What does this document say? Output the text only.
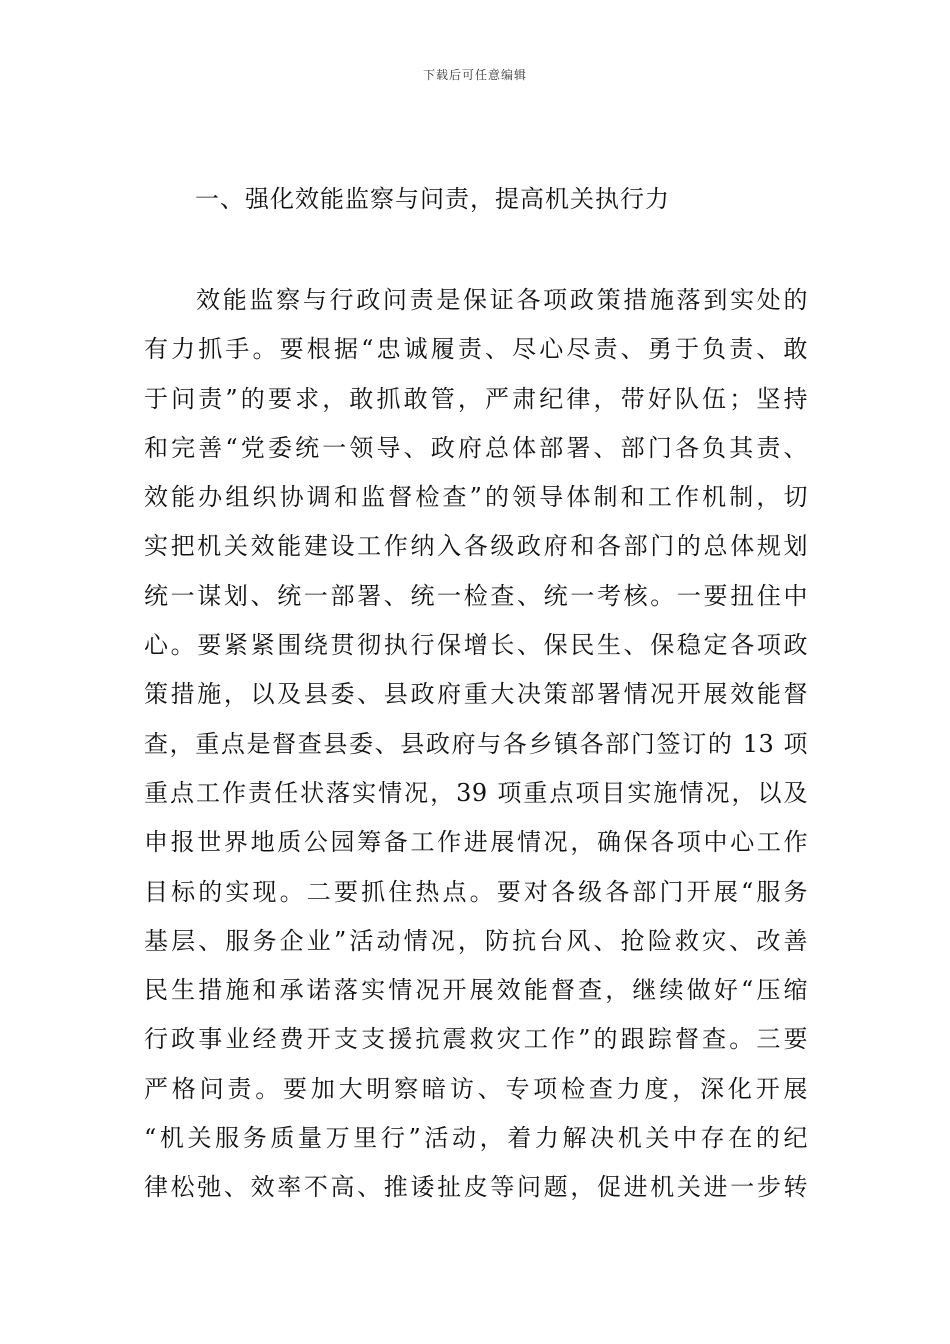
下载后可任意编辑
一、强化效能监察与问责，提高机关执行力
效能监察与行政问责是保证各项政策措施落到实处的
有力抓手。要根据“忠诚履责、尽心尽责、勇于负责、敢
于问责”的要求，敢抓敢管，严肃纪律，带好队伍；坚持
和完善“党委统一领导、政府总体部署、部门各负其责、
效能办组织协调和监督检查”的领导体制和工作机制，切
实把机关效能建设工作纳入各级政府和各部门的总体规划
统一谋划、统一部署、统一检查、统一考核。一要扭住中
心。要紧紧围绕贯彻执行保增长、保民生、保稳定各项政
策措施，以及县委、县政府重大决策部署情况开展效能督
查，重点是督查县委、县政府与各乡镇各部门签订的 13 项
重点工作责任状落实情况，39 项重点项目实施情况，以及
申报世界地质公园筹备工作进展情况，确保各项中心工作
目标的实现。二要抓住热点。要对各级各部门开展“服务
基层、服务企业”活动情况，防抗台风、抢险救灾、改善
民生措施和承诺落实情况开展效能督查，继续做好“压缩
行政事业经费开支支援抗震救灾工作”的跟踪督查。三要
严格问责。要加大明察暗访、专项检查力度，深化开展
“机关服务质量万里行”活动，着力解决机关中存在的纪
律松弛、效率不高、推诿扯皮等问题，促进机关进一步转
